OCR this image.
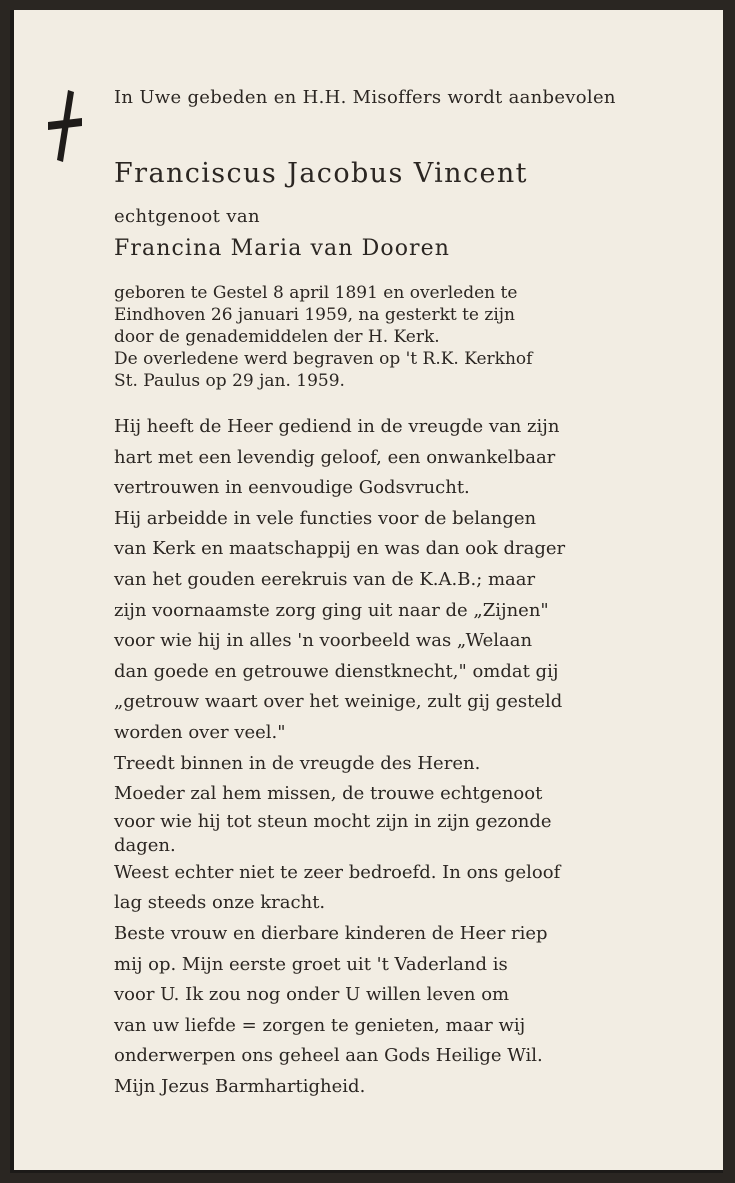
In Uwe gebeden en H.H. Misoffers wordt aanbevolen
Franciscus Jacobus Vincent
echtgenoot van
Francina Maria van Dooren
geboren te Gestel 8 april 1891 en overleden te
Eindhoven 26 januari 1959, na gesterkt te zijn
door de genademiddelen der H. Kerk.
De overledene werd begraven op 't R.K. Kerkhof
St. Paulus op 29 jan. 1959.
Hij heeft de Heer gediend in de vreugde van zijn
hart met een levendig geloof, een onwankelbaar
vertrouwen in eenvoudige Godsvrucht.
Hij arbeidde in vele functies voor de belangen
van Kerk en maatschappij en was dan ook drager
van het gouden eerekruis van de K.A.B.; maar
zijn voornaamste zorg ging uit naar de „Zijnen"
voor wie hij in alles 'n voorbeeld was „Welaan
dan goede en getrouwe dienstknecht," omdat gij
„getrouw waart over het weinige, zult gij gesteld
worden over veel."
Treedt binnen in de vreugde des Heren.
Moeder zal hem missen, de trouwe echtgenoot
voor wie hij tot steun mocht zijn in zijn gezonde
dagen.
Weest echter niet te zeer bedroefd. In ons geloof
lag steeds onze kracht.
Beste vrouw en dierbare kinderen de Heer riep
mij op. Mijn eerste groet uit 't Vaderland is
voor U. Ik zou nog onder U willen leven om
van uw liefde = zorgen te genieten, maar wij
onderwerpen ons geheel aan Gods Heilige Wil.
Mijn Jezus Barmhartigheid.
